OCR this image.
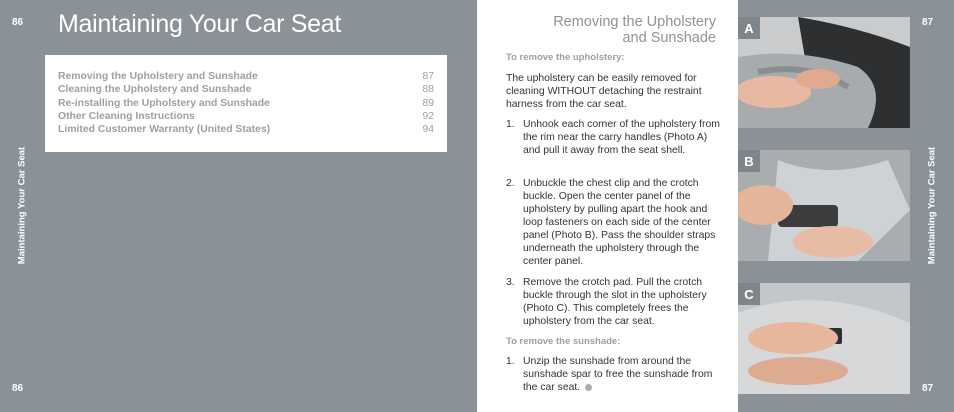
86
86
Maintaining Your Car Seat
Maintaining Your Car Seat
Removing the Upholstery and Sunshade	87
Cleaning the Upholstery and Sunshade	88
Re-installing the Upholstery and Sunshade	89
Other Cleaning Instructions	92
Limited Customer Warranty (United States)	94
87
87
Maintaining Your Car Seat
Removing the Upholstery
and Sunshade
To remove the upholstery:
The upholstery can be easily removed for cleaning WITHOUT detaching the restraint harness from the car seat.
1. Unhook each corner of the upholstery from the rim near the carry handles (Photo A) and pull it away from the seat shell.
2. Unbuckle the chest clip and the crotch buckle. Open the center panel of the upholstery by pulling apart the hook and loop fasteners on each side of the center panel (Photo B). Pass the shoulder straps underneath the upholstery through the center panel.
3. Remove the crotch pad. Pull the crotch buckle through the slot in the upholstery (Photo C). This completely frees the upholstery from the car seat.
To remove the sunshade:
1. Unzip the sunshade from around the sunshade spar to free the sunshade from the car seat.
A
B
C
